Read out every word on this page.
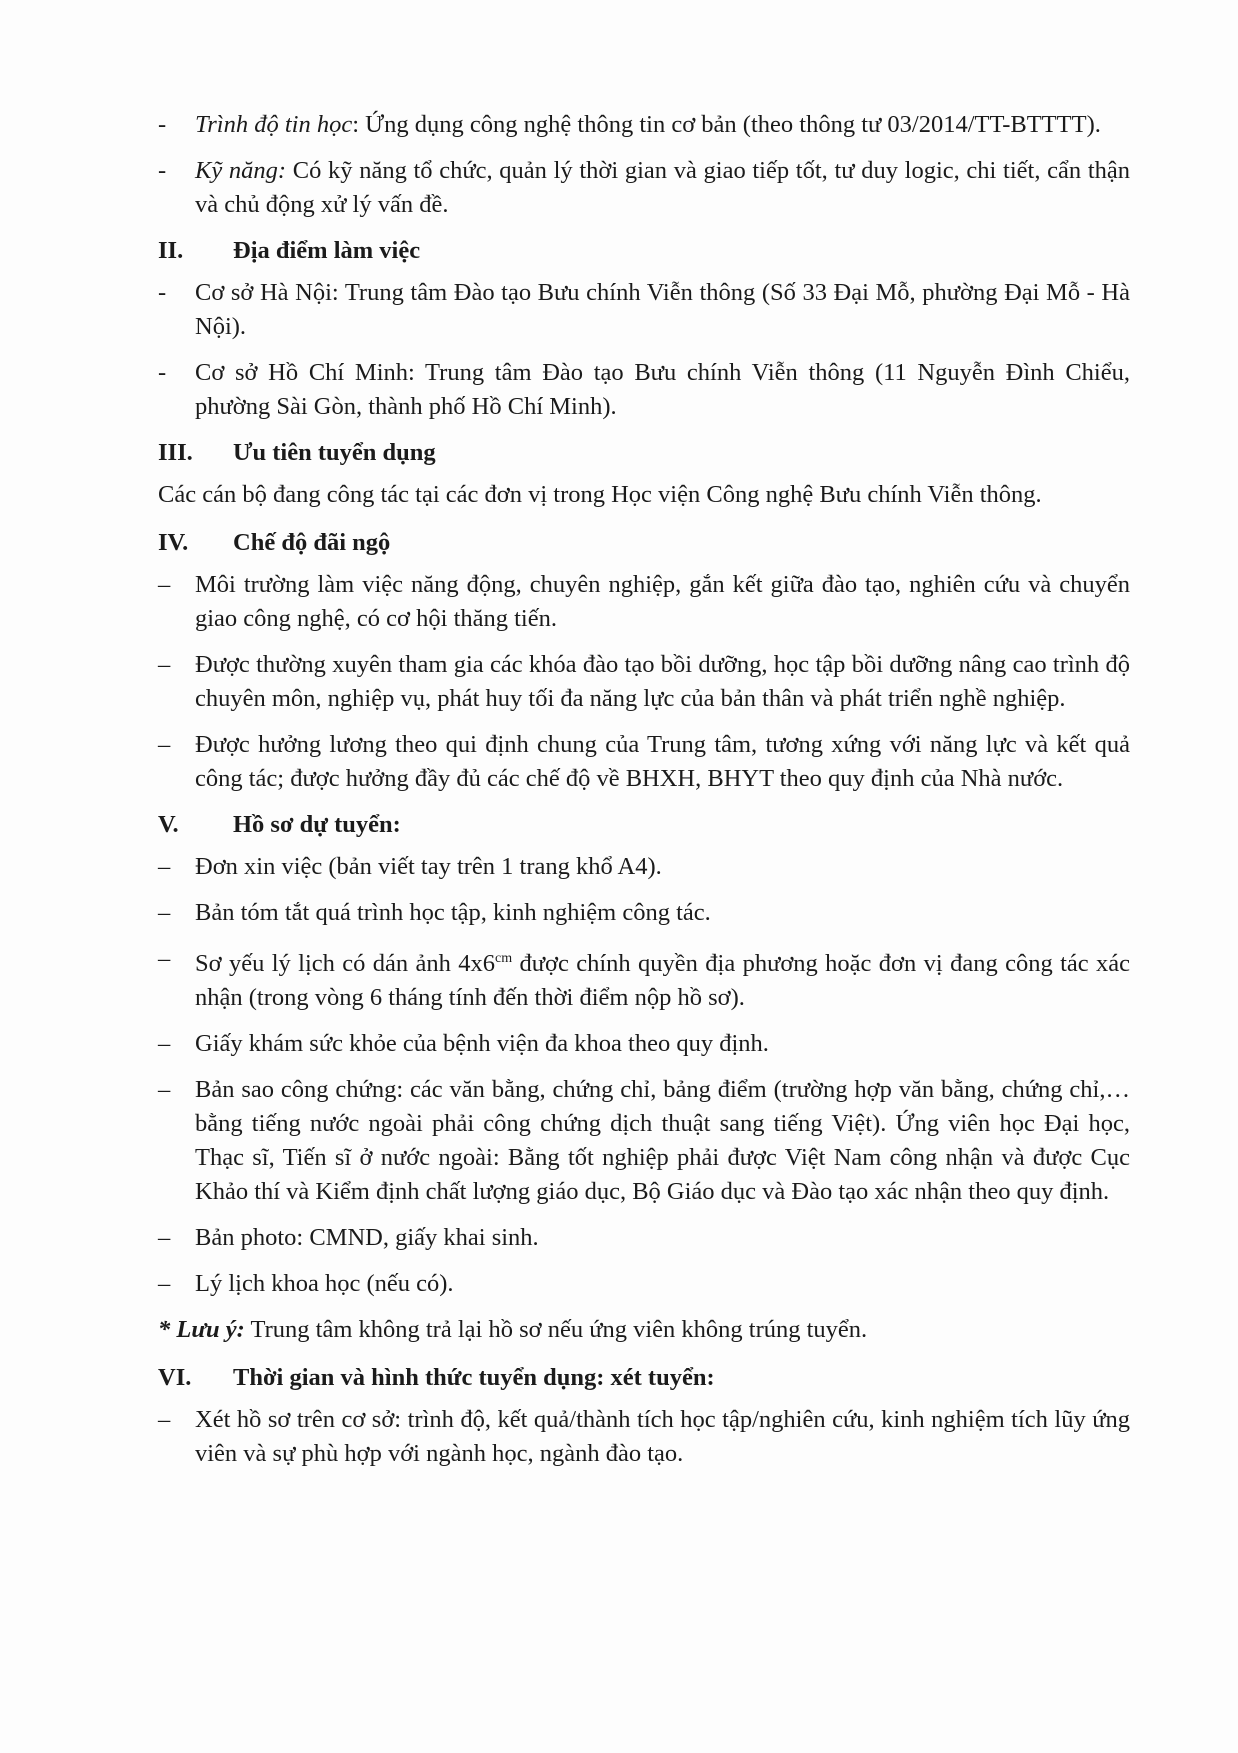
-	Trình độ tin học: Ứng dụng công nghệ thông tin cơ bản (theo thông tư 03/2014/TT-BTTTT).
-	Kỹ năng: Có kỹ năng tổ chức, quản lý thời gian và giao tiếp tốt, tư duy logic, chi tiết, cẩn thận và chủ động xử lý vấn đề.
II. Địa điểm làm việc
-	Cơ sở Hà Nội: Trung tâm Đào tạo Bưu chính Viễn thông (Số 33 Đại Mỗ, phường Đại Mỗ - Hà Nội).
-	Cơ sở Hồ Chí Minh: Trung tâm Đào tạo Bưu chính Viễn thông (11 Nguyễn Đình Chiểu, phường Sài Gòn, thành phố Hồ Chí Minh).
III. Ưu tiên tuyển dụng
Các cán bộ đang công tác tại các đơn vị trong Học viện Công nghệ Bưu chính Viễn thông.
IV. Chế độ đãi ngộ
–	Môi trường làm việc năng động, chuyên nghiệp, gắn kết giữa đào tạo, nghiên cứu và chuyển giao công nghệ, có cơ hội thăng tiến.
–	Được thường xuyên tham gia các khóa đào tạo bồi dưỡng, học tập bồi dưỡng nâng cao trình độ chuyên môn, nghiệp vụ, phát huy tối đa năng lực của bản thân và phát triển nghề nghiệp.
–	Được hưởng lương theo qui định chung của Trung tâm, tương xứng với năng lực và kết quả công tác; được hưởng đầy đủ các chế độ về BHXH, BHYT theo quy định của Nhà nước.
V. Hồ sơ dự tuyển:
–	Đơn xin việc (bản viết tay trên 1 trang khổ A4).
–	Bản tóm tắt quá trình học tập, kinh nghiệm công tác.
–	Sơ yếu lý lịch có dán ảnh $4x6^{cm}$ được chính quyền địa phương hoặc đơn vị đang công tác xác nhận (trong vòng 6 tháng tính đến thời điểm nộp hồ sơ).
–	Giấy khám sức khỏe của bệnh viện đa khoa theo quy định.
–	Bản sao công chứng: các văn bằng, chứng chỉ, bảng điểm (trường hợp văn bằng, chứng chỉ,…bằng tiếng nước ngoài phải công chứng dịch thuật sang tiếng Việt). Ứng viên học Đại học, Thạc sĩ, Tiến sĩ ở nước ngoài: Bằng tốt nghiệp phải được Việt Nam công nhận và được Cục Khảo thí và Kiểm định chất lượng giáo dục, Bộ Giáo dục và Đào tạo xác nhận theo quy định.
–	Bản photo: CMND, giấy khai sinh.
–	Lý lịch khoa học (nếu có).
* Lưu ý: Trung tâm không trả lại hồ sơ nếu ứng viên không trúng tuyển.
VI. Thời gian và hình thức tuyển dụng: xét tuyển:
–	Xét hồ sơ trên cơ sở: trình độ, kết quả/thành tích học tập/nghiên cứu, kinh nghiệm tích lũy ứng viên và sự phù hợp với ngành học, ngành đào tạo.
